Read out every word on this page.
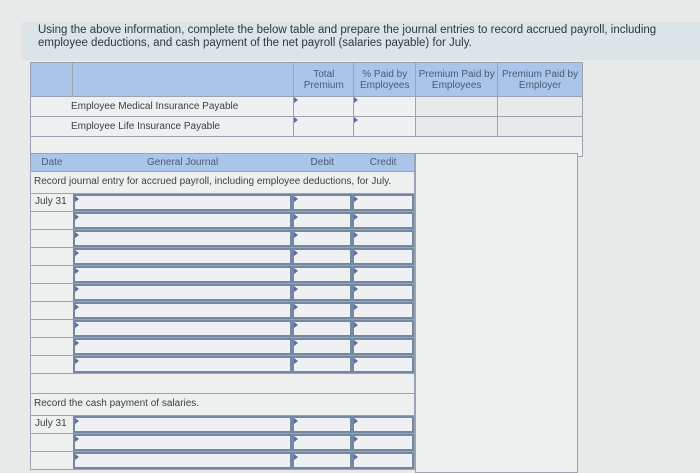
Using the above information, complete the below table and prepare the journal entries to record accrued payroll, including employee deductions, and cash payment of the net payroll (salaries payable) for July.
		Total Premium	% Paid by Employees	Premium Paid by Employees	Premium Paid by Employer
Employee Medical Insurance Payable					
Employee Life Insurance Payable					

Date	General Journal	Debit	Credit
Record journal entry for accrued payroll, including employee deductions, for July.
July 31
Record the cash payment of salaries.
July 31
